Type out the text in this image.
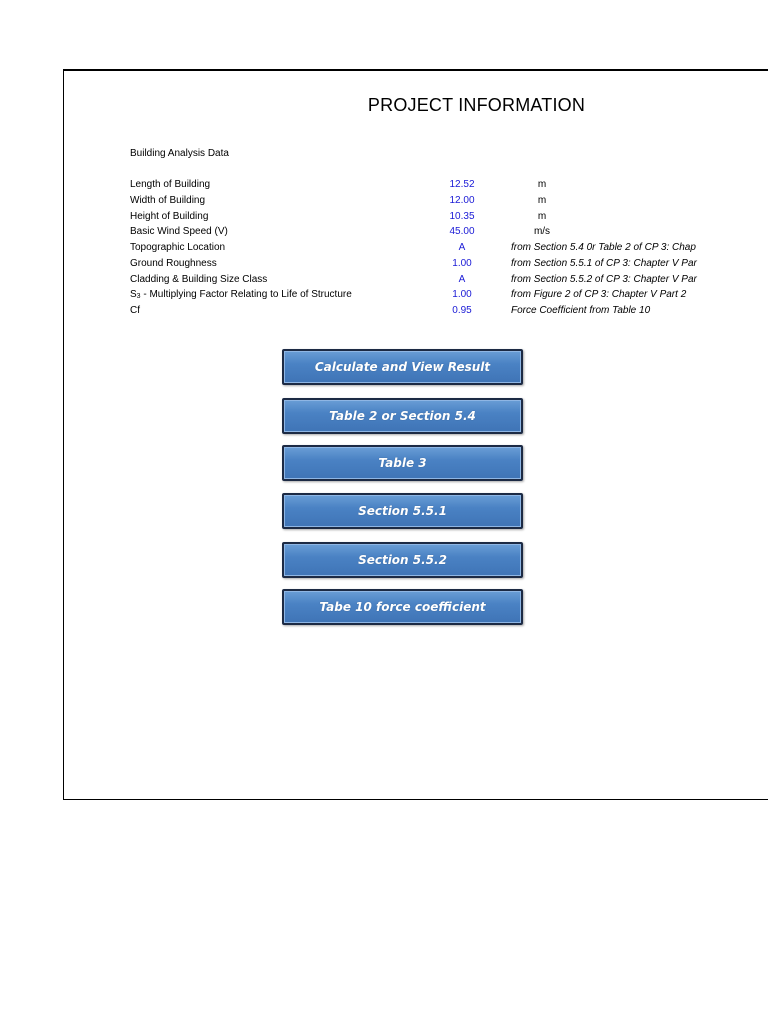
PROJECT INFORMATION
Building Analysis Data
Length of Building	12.52	m
Width of Building	12.00	m
Height of Building	10.35	m
Basic Wind Speed (V)	45.00	m/s
Topographic Location	A	from Section 5.4 0r Table 2 of CP 3: Chap
Ground Roughness	1.00	from Section 5.5.1 of CP 3: Chapter V Par
Cladding & Building Size Class	A	from Section 5.5.2 of CP 3: Chapter V Par
S3 - Multiplying Factor Relating to Life of Structure	1.00	from Figure 2 of CP 3: Chapter V Part 2
Cf	0.95	Force Coefficient from Table 10
Calculate and View Result
Table 2 or Section 5.4
Table 3
Section 5.5.1
Section 5.5.2
Tabe 10 force coefficient
